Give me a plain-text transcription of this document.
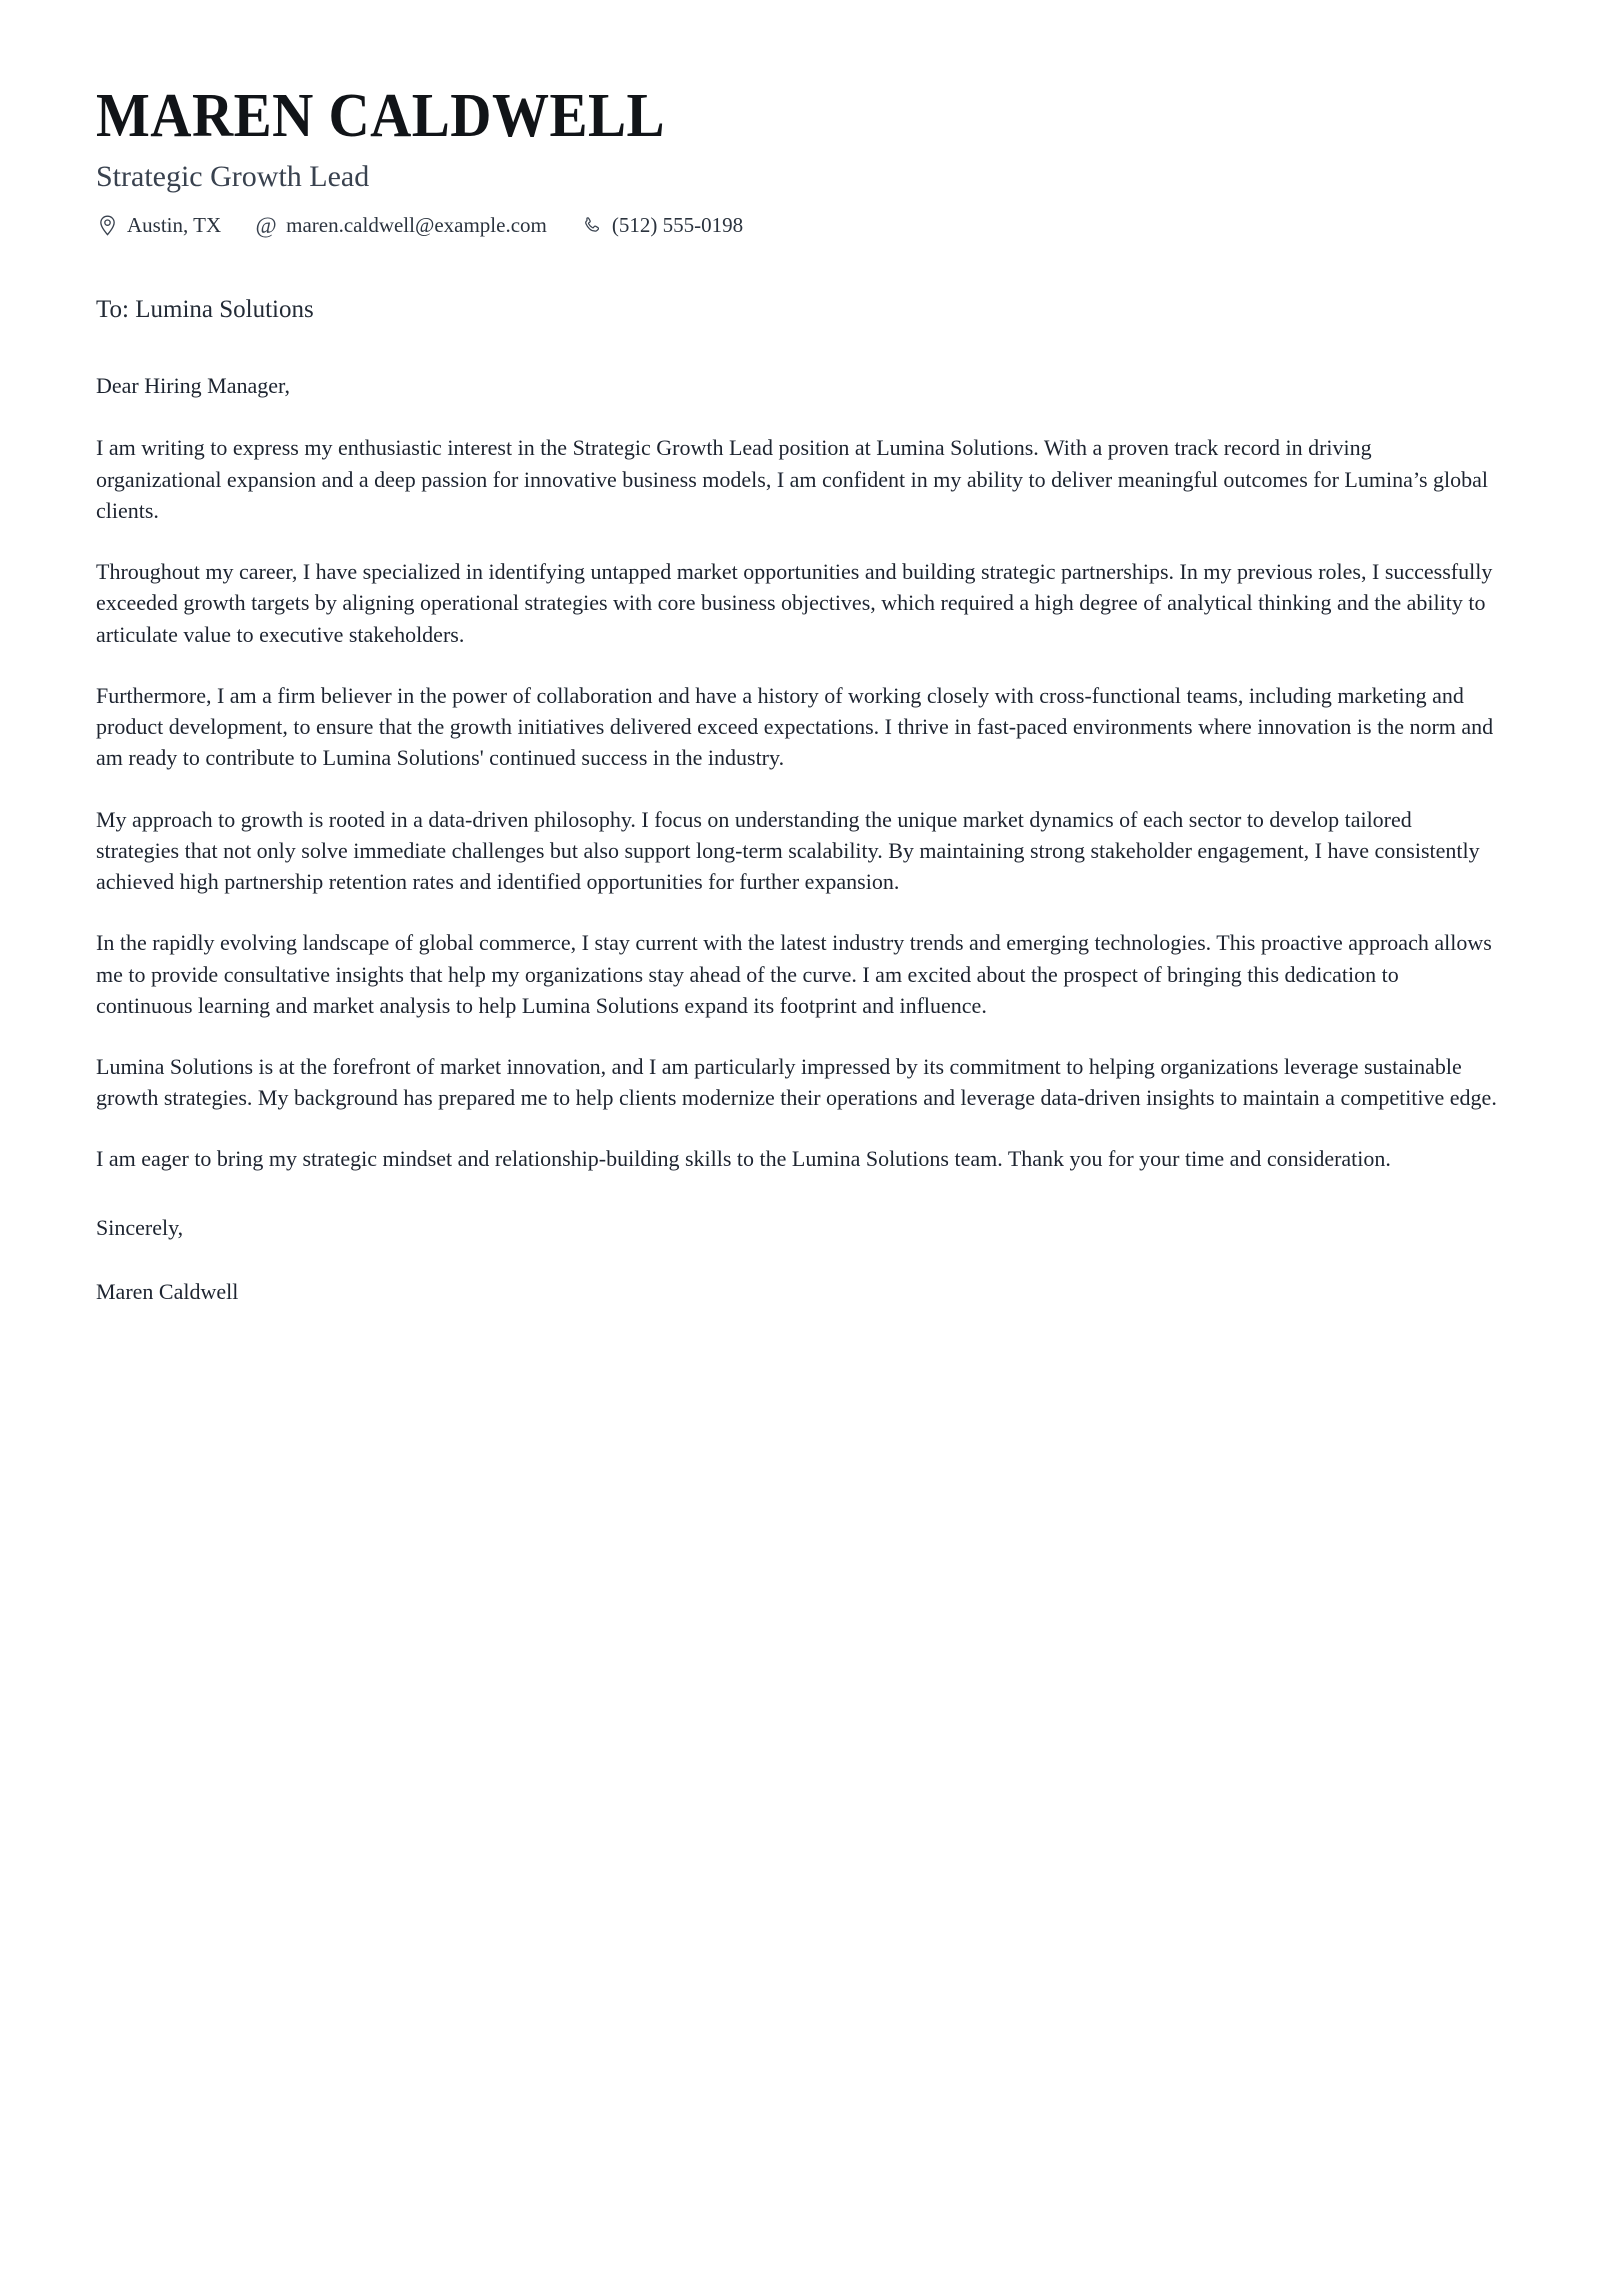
MAREN CALDWELL
Strategic Growth Lead
Austin, TX @ maren.caldwell@example.com	(512) 555-0198
To: Lumina Solutions
Dear Hiring Manager,

I am writing to express my enthusiastic interest in the Strategic Growth Lead position at Lumina Solutions. With a proven track record in driving organizational expansion and a deep passion for innovative business models, I am confident in my ability to deliver meaningful outcomes for Lumina’s global clients.

Throughout my career, I have specialized in identifying untapped market opportunities and building strategic partnerships. In my previous roles, I successfully exceeded growth targets by aligning operational strategies with core business objectives, which required a high degree of analytical thinking and the ability to articulate value to executive stakeholders.

Furthermore, I am a firm believer in the power of collaboration and have a history of working closely with cross-functional teams, including marketing and product development, to ensure that the growth initiatives delivered exceed expectations. I thrive in fast-paced environments where innovation is the norm and am ready to contribute to Lumina Solutions' continued success in the industry.

My approach to growth is rooted in a data-driven philosophy. I focus on understanding the unique market dynamics of each sector to develop tailored strategies that not only solve immediate challenges but also support long-term scalability. By maintaining strong stakeholder engagement, I have consistently achieved high partnership retention rates and identified opportunities for further expansion.

In the rapidly evolving landscape of global commerce, I stay current with the latest industry trends and emerging technologies. This proactive approach allows me to provide consultative insights that help my organizations stay ahead of the curve. I am excited about the prospect of bringing this dedication to continuous learning and market analysis to help Lumina Solutions expand its footprint and influence.

Lumina Solutions is at the forefront of market innovation, and I am particularly impressed by its commitment to helping organizations leverage sustainable growth strategies. My background has prepared me to help clients modernize their operations and leverage data-driven insights to maintain a competitive edge.

I am eager to bring my strategic mindset and relationship-building skills to the Lumina Solutions team. Thank you for your time and consideration.

Sincerely,
Maren Caldwell
